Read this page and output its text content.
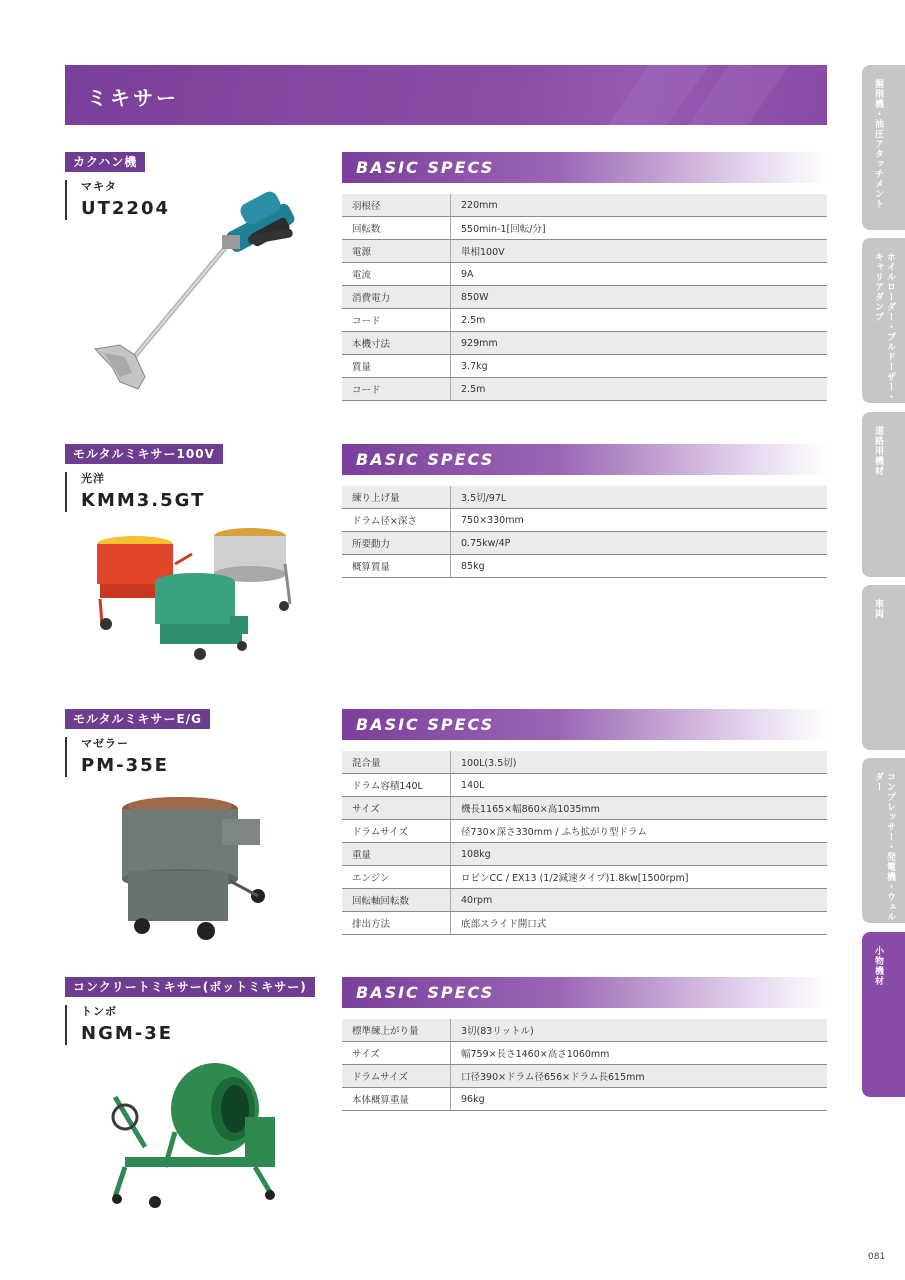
ミキサー	掘削機・油圧アタッチメント
ホイルローダー・ブルドーザー・キャリアダンプ
道路用機材
車両
コンプレッサー・発電機・ウェルダー
小物機材
カクハン機
マキタ
UT2204
BASIC SPECS
羽根径	220mm
回転数	550min-1[回転/分]
電源	単相100V
電流	9A
消費電力	850W
コード	2.5m
本機寸法	929mm
質量	3.7kg
コード	2.5m
モルタルミキサー100V
光洋
KMM3.5GT
BASIC SPECS
練り上げ量	3.5切/97L
ドラム径×深さ	750×330mm
所要動力	0.75kw/4P
概算質量	85kg
モルタルミキサーE/G
マゼラー
PM-35E
BASIC SPECS
混合量	100L(3.5切)
ドラム容積140L	140L
サイズ	機長1165×幅860×高1035mm
ドラムサイズ	径730×深さ330mm / ふち拡がり型ドラム
重量	108kg
エンジン	ロビンCC / EX13 (1/2減速タイプ)1.8kw[1500rpm]
回転軸回転数	40rpm
排出方法	底部スライド開口式
コンクリートミキサー(ポットミキサー)
トンボ
NGM-3E
BASIC SPECS
標準練上がり量	3切(83リットル)
サイズ	幅759×長さ1460×高さ1060mm
ドラムサイズ	口径390×ドラム径656×ドラム長615mm
本体概算重量	96kg
081
